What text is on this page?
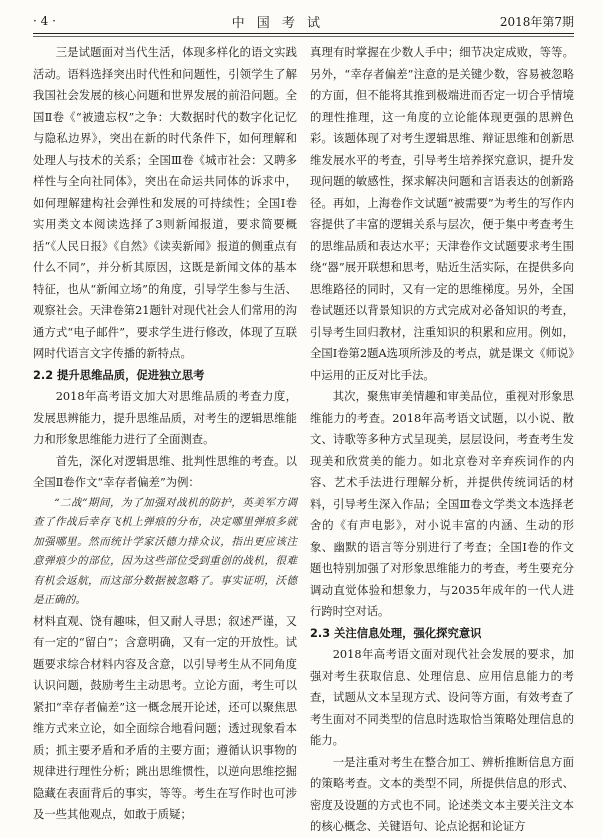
· 4 ·	中 国 考 试	2018年第7期

三是试题面对当代生活，体现多样化的语文实践活动。语料选择突出时代性和问题性，引领学生了解我国社会发展的核心问题和世界发展的前沿问题。全国Ⅱ卷《“被遗忘权”之争：大数据时代的数字化记忆与隐私边界》，突出在新的时代条件下，如何理解和处理人与技术的关系；全国Ⅲ卷《城市社会：又聘多样性与全向社同体》，突出在命运共同体的诉求中，如何理解建构社会弹性和发展的可持续性；全国Ⅰ卷实用类文本阅读选择了3则新闻报道，要求简要概括“《人民日报》《自然》《读卖新闻》报道的侧重点有什么不同”，并分析其原因，这既是新闻文体的基本特征，也从“新闻立场”的角度，引导学生参与生活、观察社会。天津卷第21题针对现代社会人们常用的沟通方式“电子邮件”，要求学生进行修改，体现了互联网时代语言文字传播的新特点。

2.2 提升思维品质，促进独立思考

2018年高考语文加大对思维品质的考查力度，发展思辨能力，提升思维品质，对考生的逻辑思维能力和形象思维能力进行了全面测查。

首先，深化对逻辑思维、批判性思维的考查。以全国Ⅱ卷作文“幸存者偏差”为例：

“二战”期间，为了加强对战机的防护，英美军方调查了作战后幸存飞机上弹痕的分布，决定哪里弹痕多就加强哪里。然而统计学家沃德力排众议，指出更应该注意弹痕少的部位，因为这些部位受到重创的战机，很难有机会返航，而这部分数据被忽略了。事实证明，沃德是正确的。

材料直观、饶有趣味，但又耐人寻思；叙述严谨，又有一定的“留白”；含意明确，又有一定的开放性。试题要求综合材料内容及含意，以引导考生从不同角度认识问题，鼓励考生主动思考。立论方面，考生可以紧扣“幸存者偏差”这一概念展开论述，还可以聚焦思维方式来立论，如全面综合地看问题；透过现象看本质；抓主要矛盾和矛盾的主要方面；遵循认识事物的规律进行理性分析；跳出思维惯性，以逆向思维挖掘隐藏在表面背后的事实，等等。考生在写作时也可涉及一些其他观点，如敢于质疑；

真理有时掌握在少数人手中；细节决定成败，等等。另外，“幸存者偏差”注意的是关键少数，容易被忽略的方面，但不能将其推到极端进而否定一切合乎情境的理性推理，这一角度的立论能体现更强的思辨色彩。该题体现了对考生逻辑思维、辩证思维和创新思维发展水平的考查，引导考生培养探究意识，提升发现问题的敏感性，探求解决问题和言语表达的创新路径。再如，上海卷作文试题“被需要”为考生的写作内容提供了丰富的逻辑关系与层次，便于集中考查考生的思维品质和表达水平；天津卷作文试题要求考生围绕“器”展开联想和思考，贴近生活实际，在提供多向思维路径的同时，又有一定的思维梯度。另外，全国卷试题还以背景知识的方式完成对必备知识的考查，引导考生回归教材，注重知识的积累和应用。例如，全国Ⅰ卷第2题A选项所涉及的考点，就是课文《师说》中运用的正反对比手法。

其次，聚焦审美情趣和审美品位，重视对形象思维能力的考查。2018年高考语文试题，以小说、散文、诗歌等多种方式呈现美，层层设问，考查考生发现美和欣赏美的能力。如北京卷对辛弃疾词作的内容、艺术手法进行理解分析，并提供传统词话的材料，引导考生深入作品；全国Ⅲ卷文学类文本选择老舍的《有声电影》，对小说丰富的内涵、生动的形象、幽默的语言等分别进行了考查；全国Ⅰ卷的作文题也特别加强了对形象思维能力的考查，考生要充分调动直觉体验和想象力，与2035年成年的一代人进行跨时空对话。

2.3 关注信息处理，强化探究意识

2018年高考语文面对现代社会发展的要求，加强对考生获取信息、处理信息、应用信息能力的考查，试题从文本呈现方式、设问等方面，有效考查了考生面对不同类型的信息时选取恰当策略处理信息的能力。

一是注重对考生在整合加工、辨析推断信息方面的策略考查。文本的类型不同，所提供信息的形式、密度及设题的方式也不同。论述类文本主要关注文本的核心概念、关键语句、论点论据和论证方
